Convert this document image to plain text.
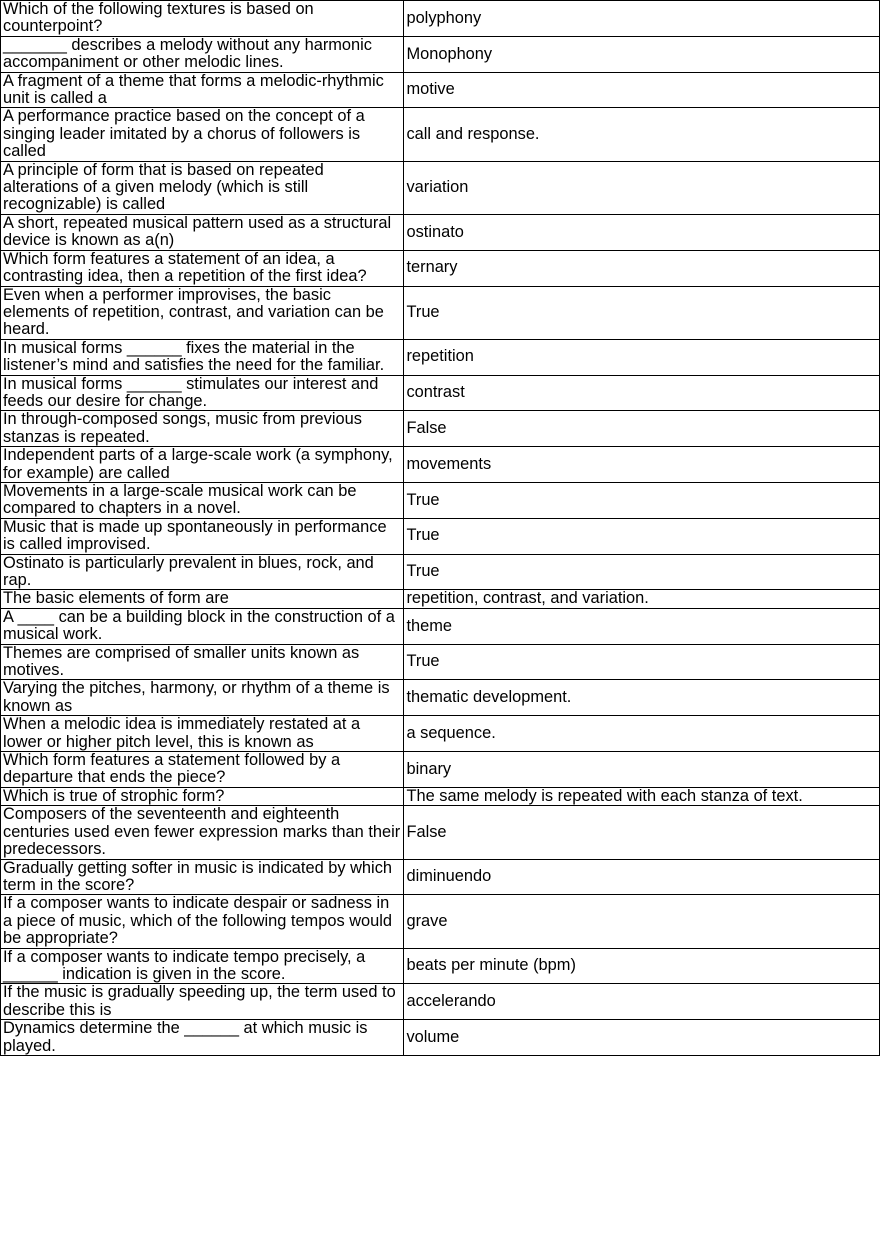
Which of the following textures is based on counterpoint?	polyphony
_______ describes a melody without any harmonic accompaniment or other melodic lines.	Monophony
A fragment of a theme that forms a melodic-rhythmic unit is called a	motive
A performance practice based on the concept of a singing leader imitated by a chorus of followers is called	call and response.
A principle of form that is based on repeated alterations of a given melody (which is still recognizable) is called	variation
A short, repeated musical pattern used as a structural device is known as a(n)	ostinato
Which form features a statement of an idea, a contrasting idea, then a repetition of the first idea?	ternary
Even when a performer improvises, the basic elements of repetition, contrast, and variation can be heard.	True
In musical forms ______ fixes the material in the listener’s mind and satisfies the need for the familiar.	repetition
In musical forms ______ stimulates our interest and feeds our desire for change.	contrast
In through-composed songs, music from previous stanzas is repeated.	False
Independent parts of a large-scale work (a symphony, for example) are called	movements
Movements in a large-scale musical work can be compared to chapters in a novel.	True
Music that is made up spontaneously in performance is called improvised.	True
Ostinato is particularly prevalent in blues, rock, and rap.	True
The basic elements of form are	repetition, contrast, and variation.
A ____ can be a building block in the construction of a musical work.	theme
Themes are comprised of smaller units known as motives.	True
Varying the pitches, harmony, or rhythm of a theme is known as	thematic development.
When a melodic idea is immediately restated at a lower or higher pitch level, this is known as	a sequence.
Which form features a statement followed by a departure that ends the piece?	binary
Which is true of strophic form?	The same melody is repeated with each stanza of text.
Composers of the seventeenth and eighteenth centuries used even fewer expression marks than their predecessors.	False
Gradually getting softer in music is indicated by which term in the score?	diminuendo
If a composer wants to indicate despair or sadness in a piece of music, which of the following tempos would be appropriate?	grave
If a composer wants to indicate tempo precisely, a ______ indication is given in the score.	beats per minute (bpm)
If the music is gradually speeding up, the term used to describe this is	accelerando
Dynamics determine the ______ at which music is played.	volume
